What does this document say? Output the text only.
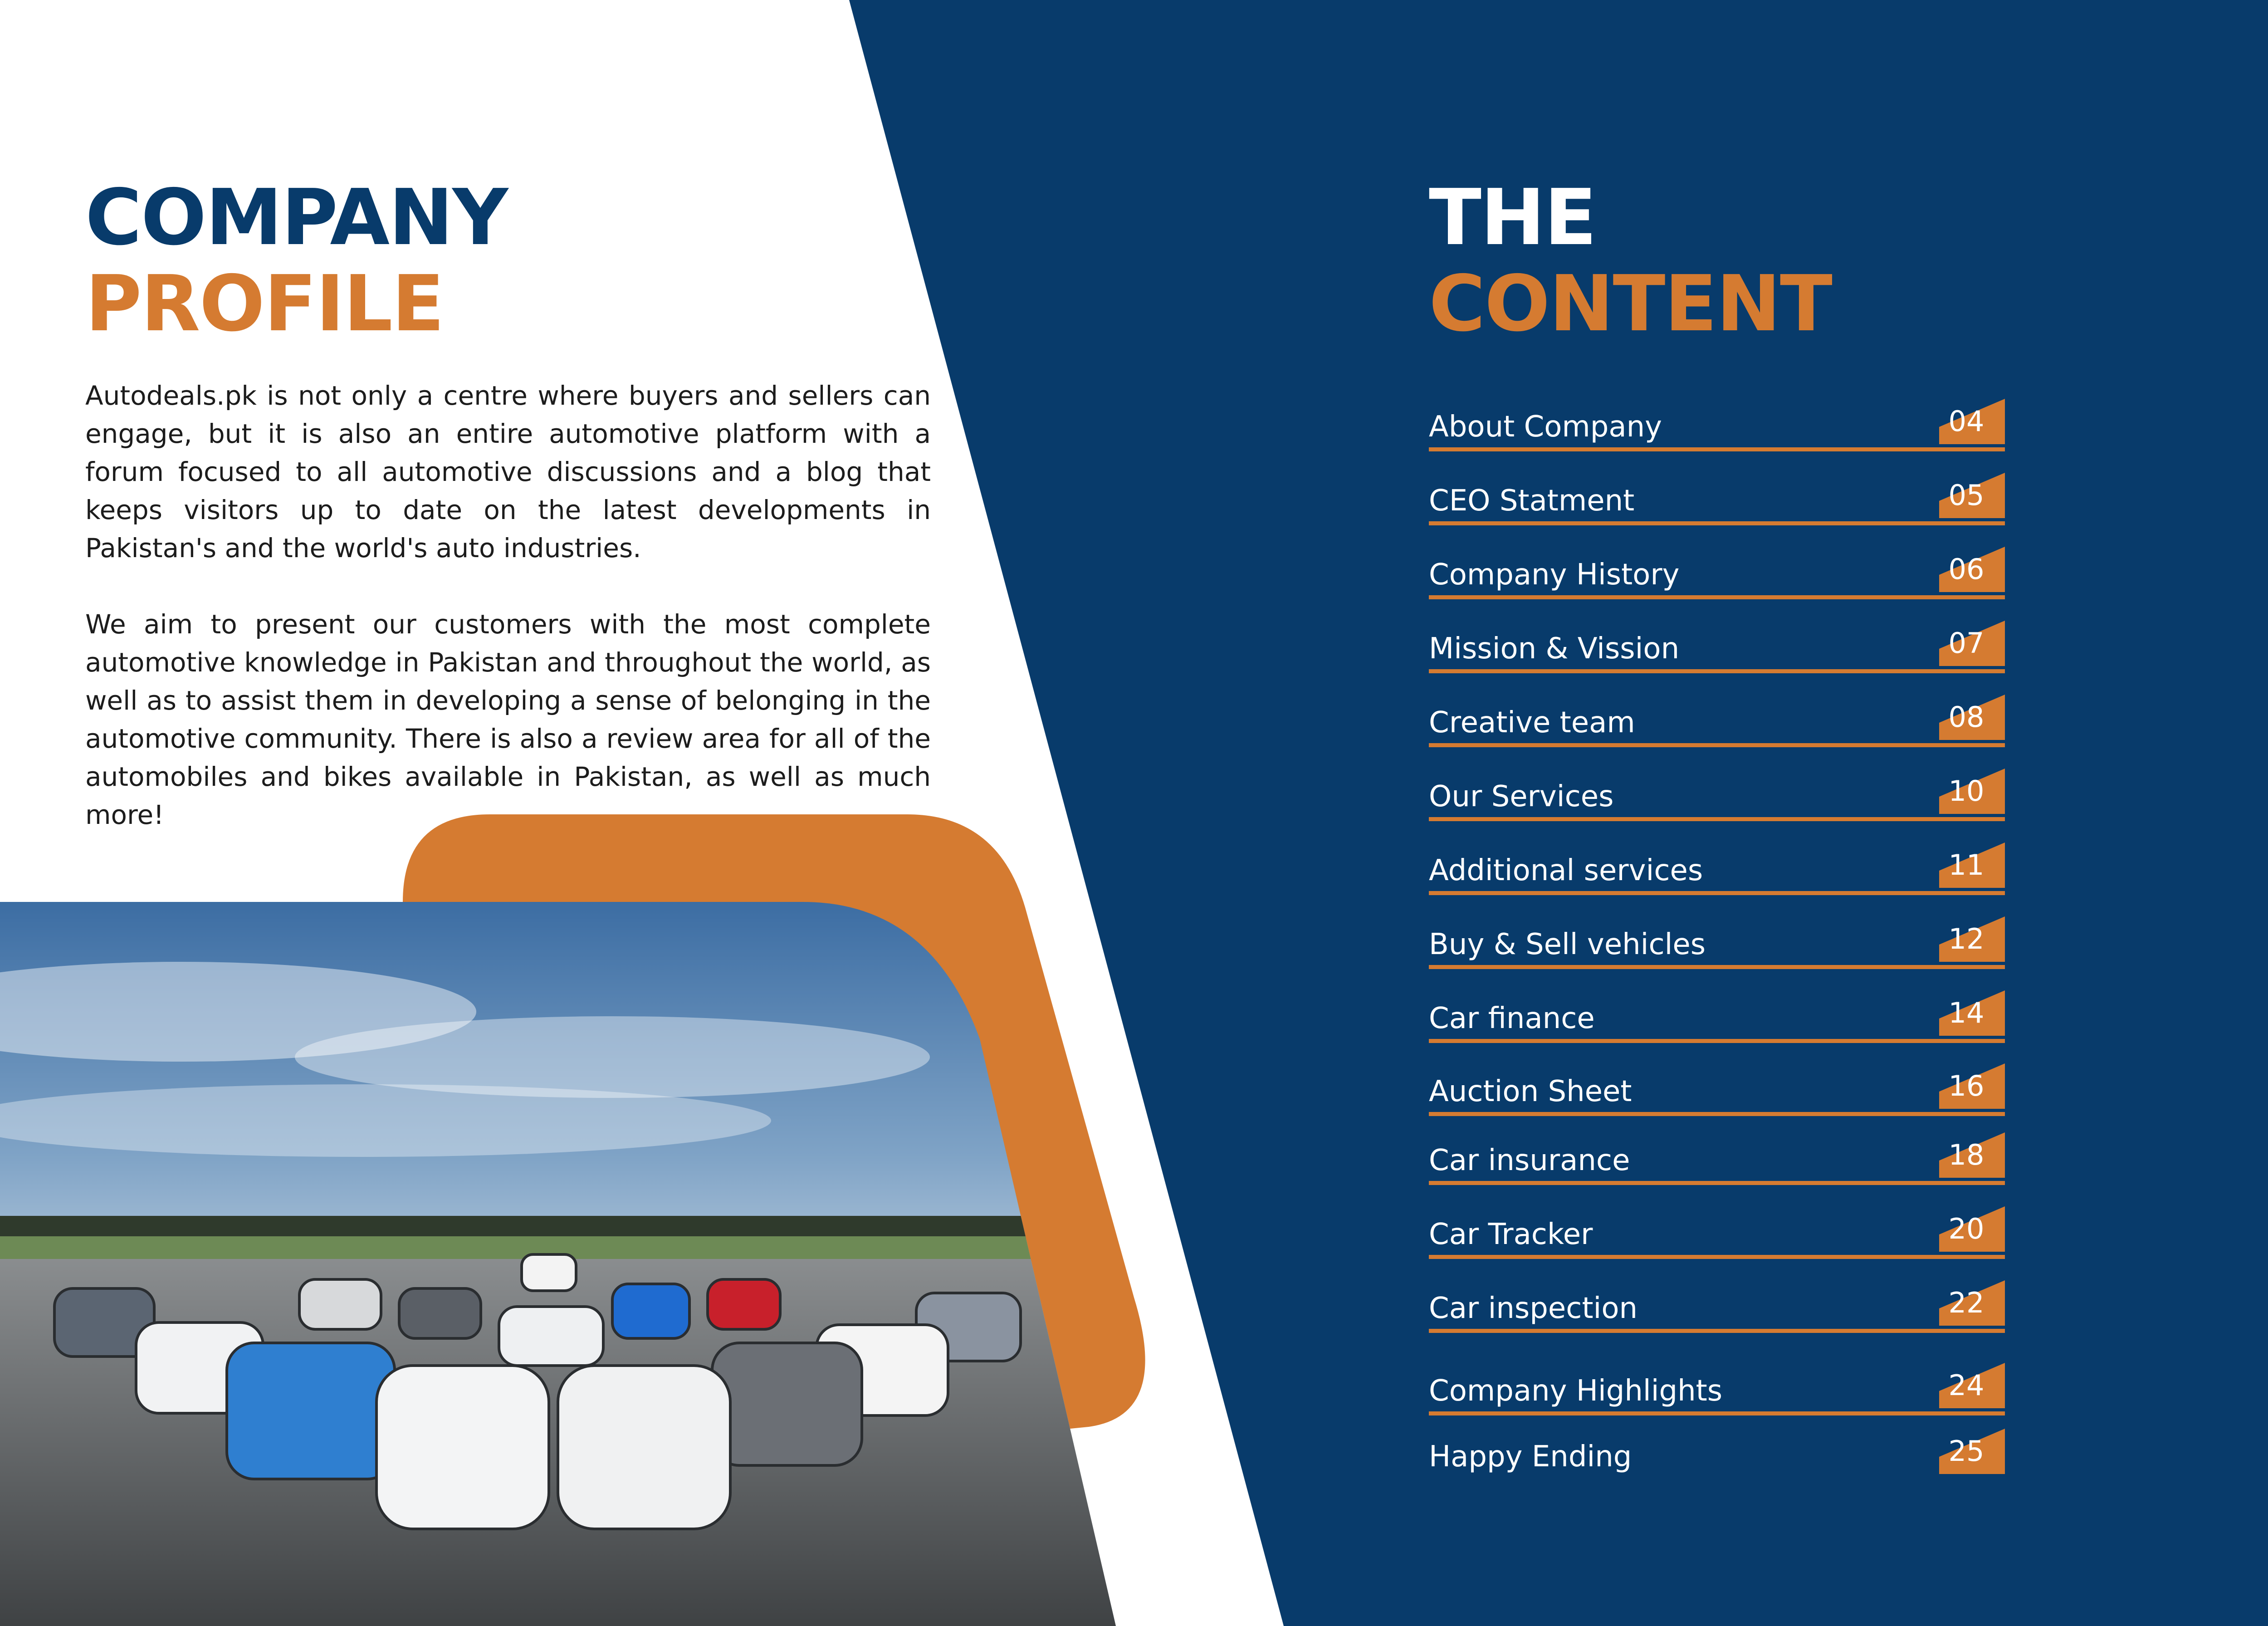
COMPANY
PROFILE

Autodeals.pk is not only a centre where buyers and sellers can engage, but it is also an entire automotive platform with a forum focused to all automotive discussions and a blog that keeps visitors up to date on the latest developments in Pakistan's and the world's auto industries.

We aim to present our customers with the most complete automotive knowledge in Pakistan and throughout the world, as well as to assist them in developing a sense of belonging in the automotive community. There is also a review area for all of the automobiles and bikes available in Pakistan, as well as much more!

THE
CONTENT
About Company	04
CEO Statment	05
Company History	06
Mission & Vission	07
Creative team	08
Our Services	10
Additional services	11
Buy & Sell vehicles	12
Car finance	14
Auction Sheet	16
Car insurance	18
Car Tracker	20
Car inspection	22
Company Highlights	24
Happy Ending	25
